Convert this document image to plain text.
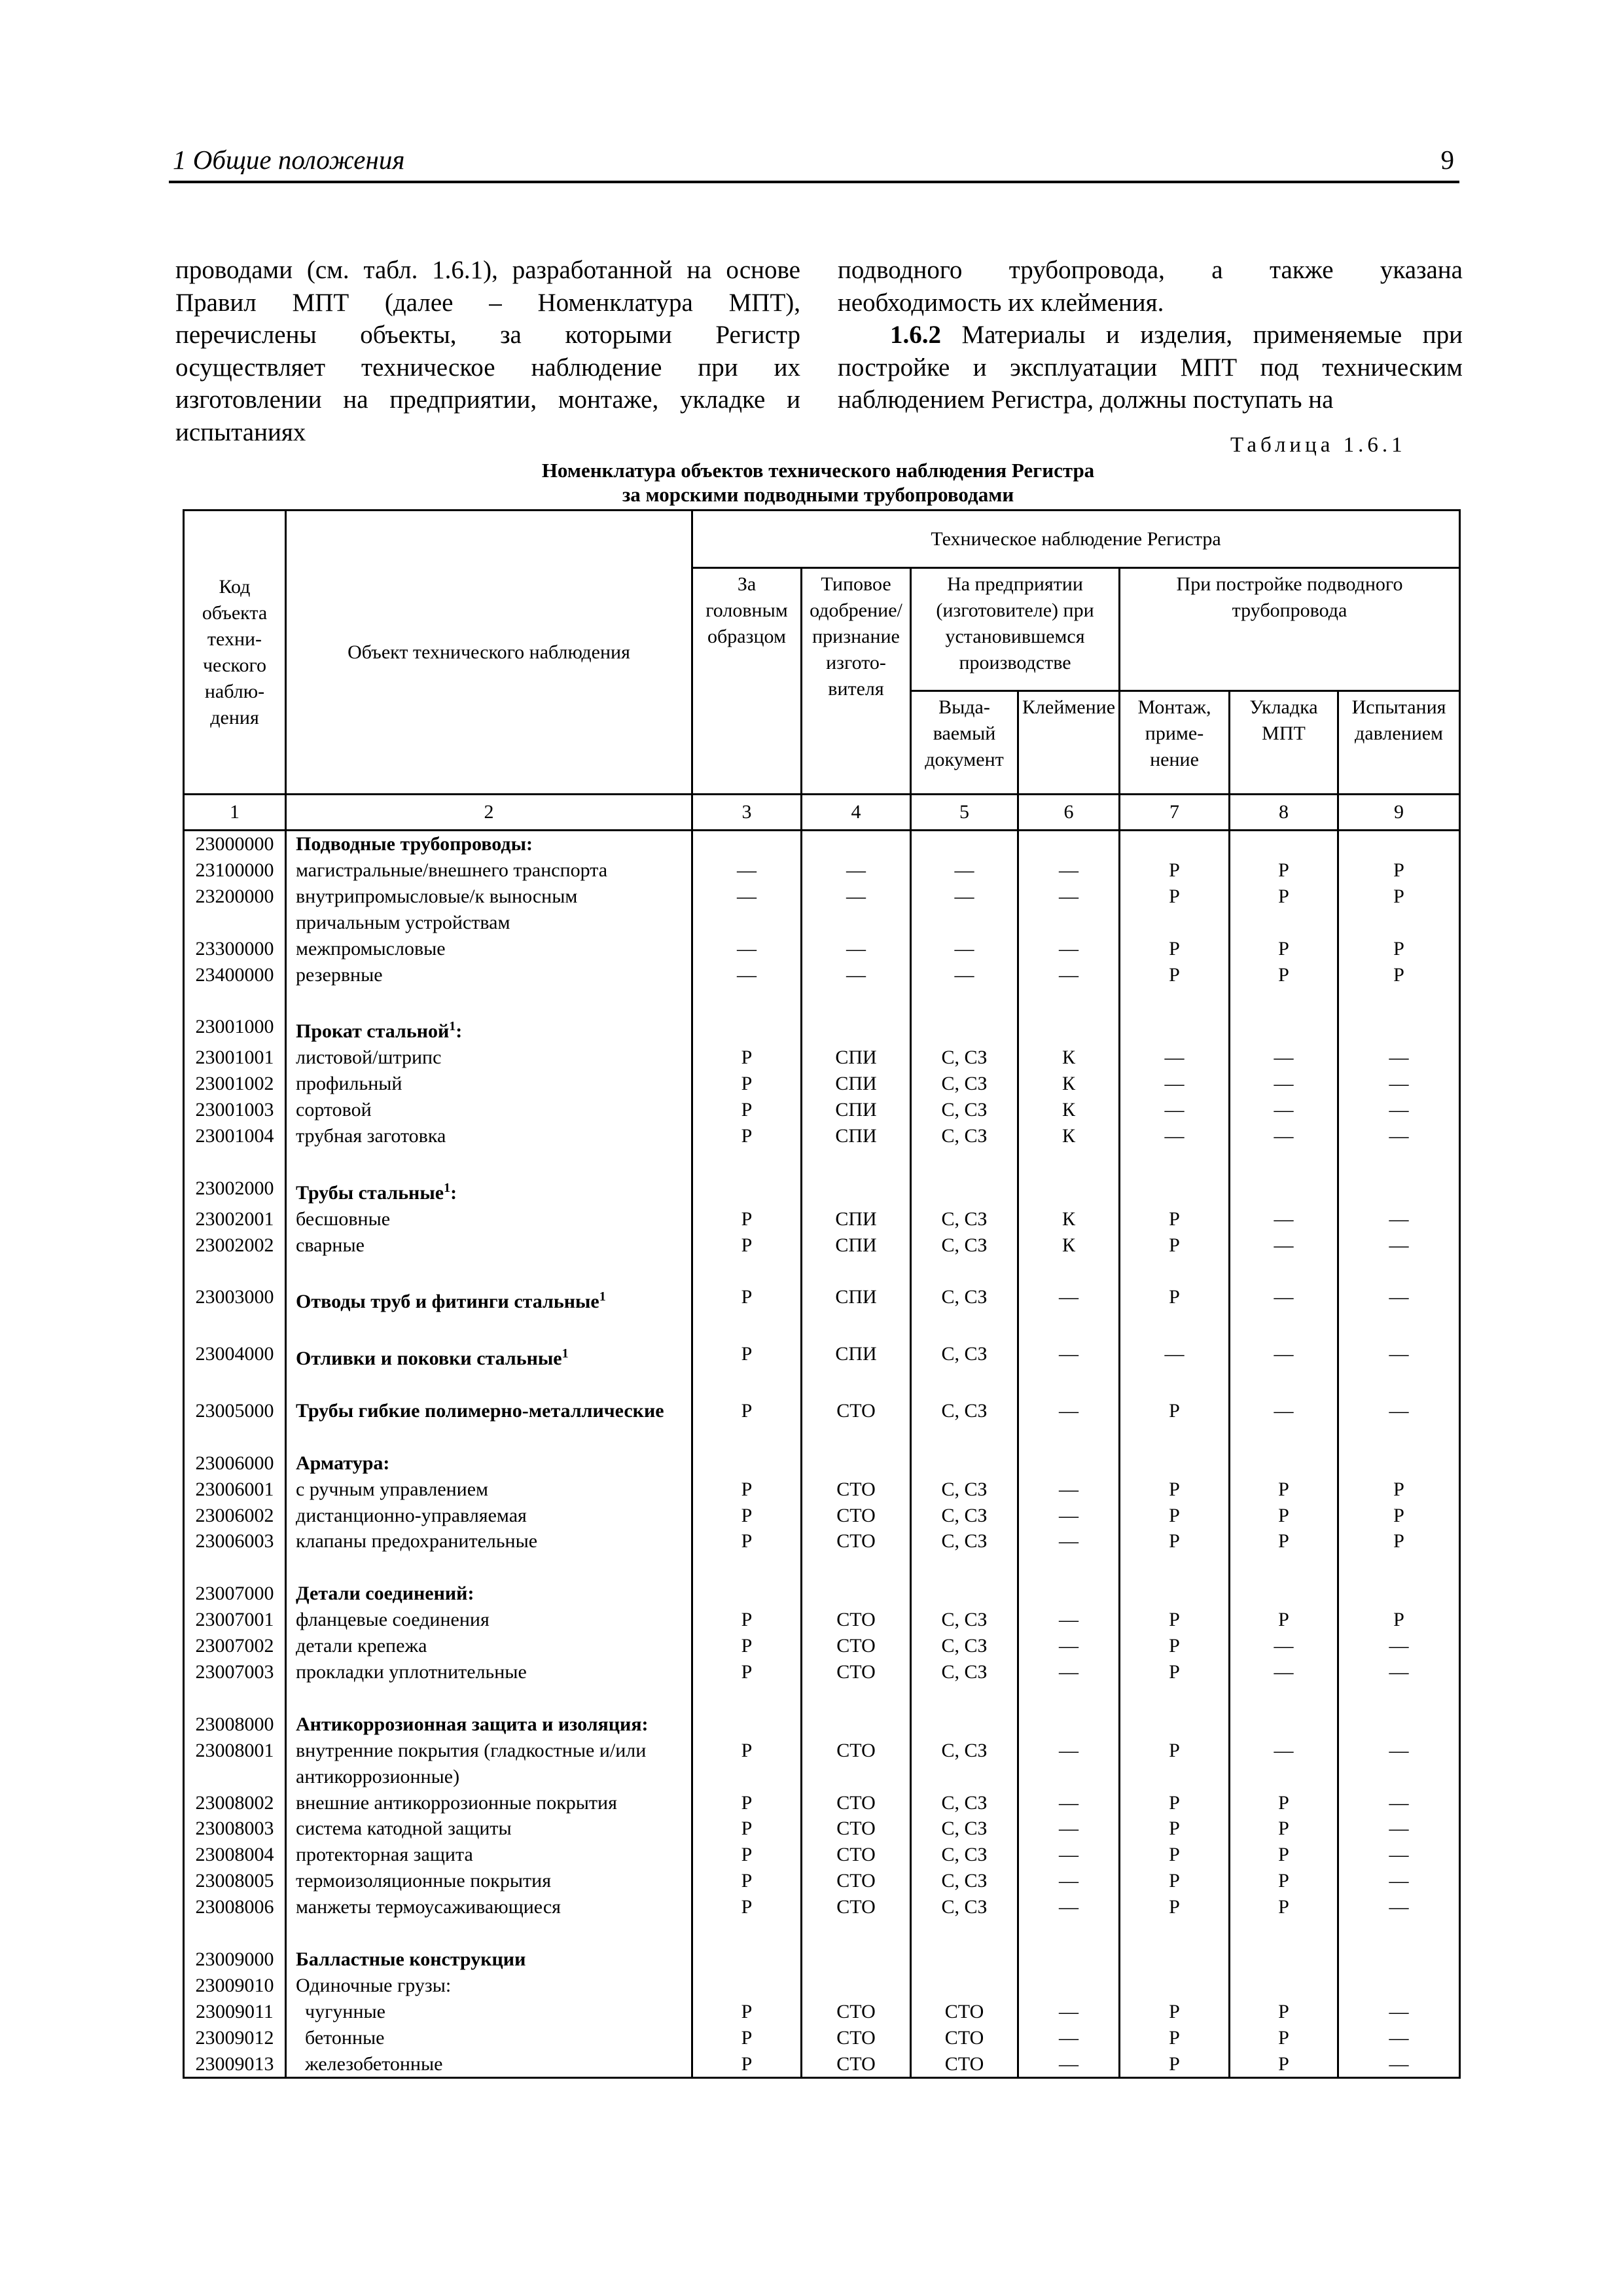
1 Общие положения	9

проводами (см. табл. 1.6.1), разработанной на основе Правил МПТ (далее – Номенклатура МПТ), перечислены объекты, за которыми Регистр осуществляет техническое наблюдение при их изготовлении на предприятии, монтаже, укладке и испытаниях

подводного трубопровода, а также указана необходимость их клеймения.

1.6.2 Материалы и изделия, применяемые при постройке и эксплуатации МПТ под техническим наблюдением Регистра, должны поступать на

Таблица 1.6.1
Номенклатура объектов технического наблюдения Регистра
за морскими подводными трубопроводами
Код объекта техни-ческого наблю-дения	Объект технического наблюдения	Техническое наблюдение Регистра						
		За головным образцом	Типовое одобрение/ признание изгото-вителя	На предприятии (изготовителе) при установившемся производстве		При постройке подводного трубопровода		
				Выда-ваемый документ	Клеймение	Монтаж, приме-нение	Укладка МПТ	Испытания давлением
1	2	3	4	5	6	7	8	9
23000000	Подводные трубопроводы:							
23100000	магистральные/внешнего транспорта	—	—	—	—	Р	Р	Р
23200000	внутрипромысловые/к выносным	—	—	—	—	Р	Р	Р
	причальным устройствам							
23300000	межпромысловые	—	—	—	—	Р	Р	Р
23400000	резервные	—	—	—	—	Р	Р	Р

23001000	Прокат стальной$^1$:							
23001001	листовой/штрипс	Р	СПИ	С, СЗ	К	—	—	—
23001002	профильный	Р	СПИ	С, СЗ	К	—	—	—
23001003	сортовой	Р	СПИ	С, СЗ	К	—	—	—
23001004	трубная заготовка	Р	СПИ	С, СЗ	К	—	—	—

23002000	Трубы стальные$^1$:							
23002001	бесшовные	Р	СПИ	С, СЗ	К	Р	—	—
23002002	сварные	Р	СПИ	С, СЗ	К	Р	—	—

23003000	Отводы труб и фитинги стальные$^1$	Р	СПИ	С, СЗ	—	Р	—	—

23004000	Отливки и поковки стальные$^1$	Р	СПИ	С, СЗ	—	—	—	—

23005000	Трубы гибкие полимерно-металлические	Р	СТО	С, СЗ	—	Р	—	—

23006000	Арматура:							
23006001	с ручным управлением	Р	СТО	С, СЗ	—	Р	Р	Р
23006002	дистанционно-управляемая	Р	СТО	С, СЗ	—	Р	Р	Р
23006003	клапаны предохранительные	Р	СТО	С, СЗ	—	Р	Р	Р

23007000	Детали соединений:							
23007001	фланцевые соединения	Р	СТО	С, СЗ	—	Р	Р	Р
23007002	детали крепежа	Р	СТО	С, СЗ	—	Р	—	—
23007003	прокладки уплотнительные	Р	СТО	С, СЗ	—	Р	—	—

23008000	Антикоррозионная защита и изоляция:							
23008001	внутренние покрытия (гладкостные и/или	Р	СТО	С, СЗ	—	Р	—	—
	антикоррозионные)							
23008002	внешние антикоррозионные покрытия	Р	СТО	С, СЗ	—	Р	Р	—
23008003	система катодной защиты	Р	СТО	С, СЗ	—	Р	Р	—
23008004	протекторная защита	Р	СТО	С, СЗ	—	Р	Р	—
23008005	термоизоляционные покрытия	Р	СТО	С, СЗ	—	Р	Р	—
23008006	манжеты термоусаживающиеся	Р	СТО	С, СЗ	—	Р	Р	—

23009000	Балластные конструкции							
23009010	Одиночные грузы:							
23009011	чугунные	Р	СТО	СТО	—	Р	Р	—
23009012	бетонные	Р	СТО	СТО	—	Р	Р	—
23009013	железобетонные	Р	СТО	СТО	—	Р	Р	—
